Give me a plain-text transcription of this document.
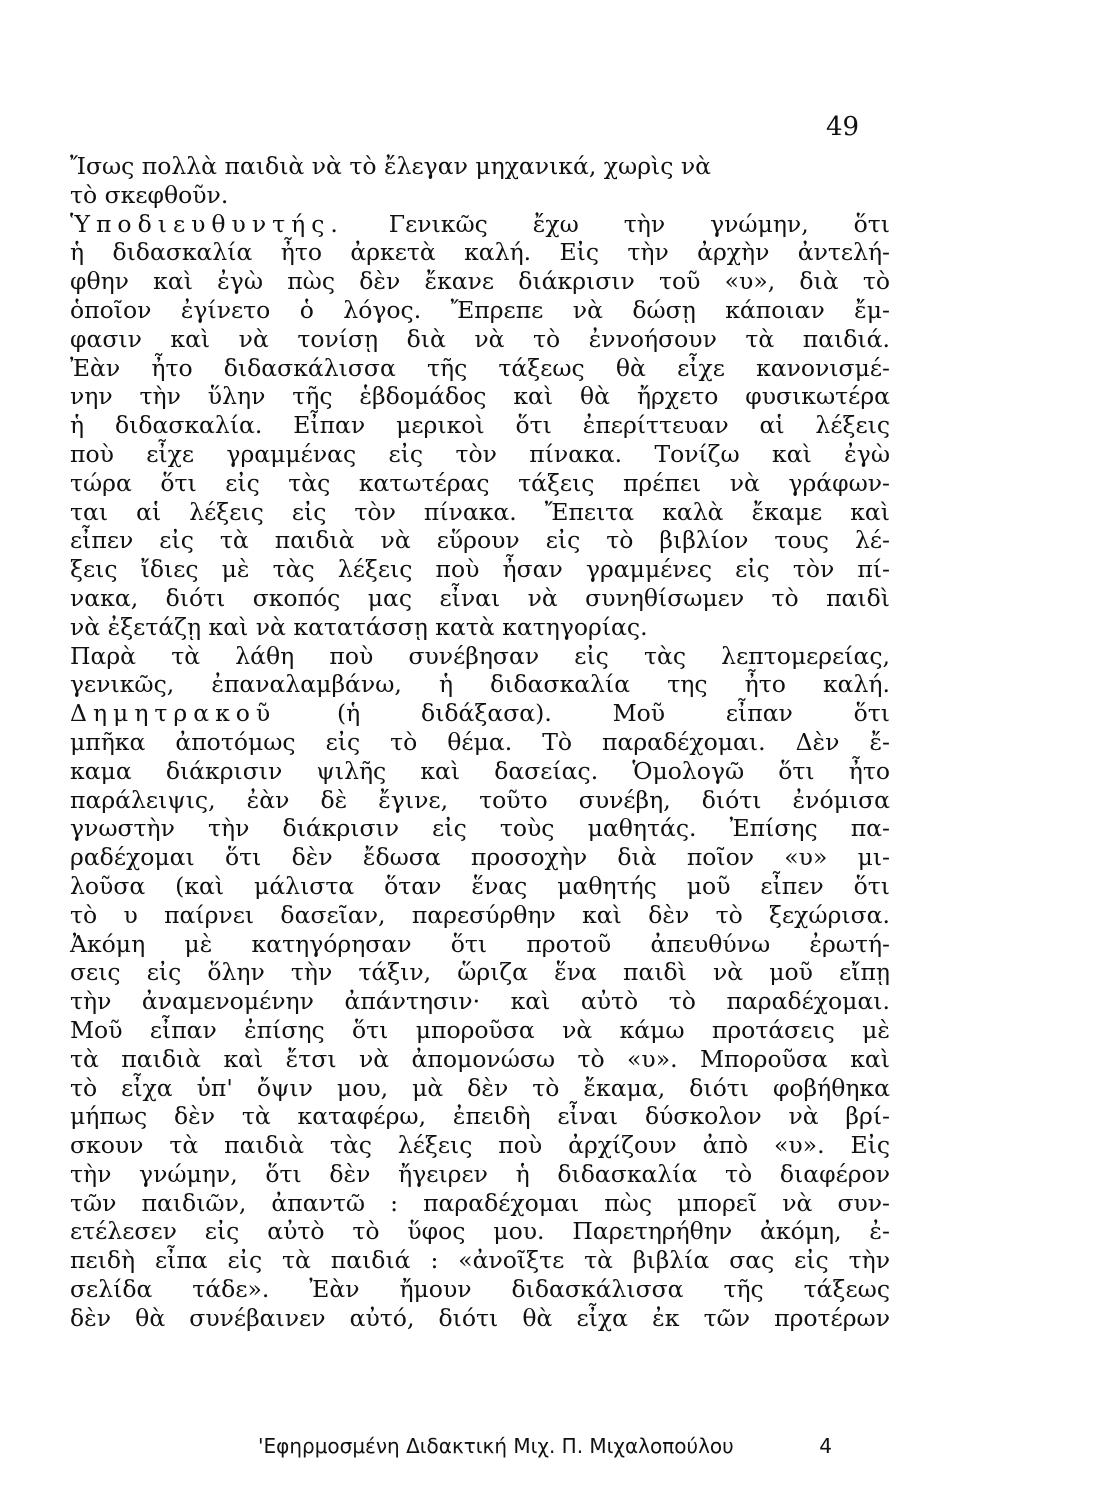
49
Ἴσως πολλὰ παιδιὰ νὰ τὸ ἔλεγαν μηχανικά, χωρὶς νὰ
τὸ σκεφθοῦν.
Ὑποδιευθυντής. Γενικῶς ἔχω τὴν γνώμην, ὅτι
ἡ διδασκαλία ἦτο ἀρκετὰ καλή. Εἰς τὴν ἀρχὴν ἀντελή-
φθην καὶ ἐγὼ πὼς δὲν ἔκανε διάκρισιν τοῦ «υ», διὰ τὸ
ὁποῖον ἐγίνετο ὁ λόγος. Ἔπρεπε νὰ δώσῃ κάποιαν ἔμ-
φασιν καὶ νὰ τονίσῃ διὰ νὰ τὸ ἐννοήσουν τὰ παιδιά.
Ἐὰν ἦτο διδασκάλισσα τῆς τάξεως θὰ εἶχε κανονισμέ-
νην τὴν ὕλην τῆς ἑβδομάδος καὶ θὰ ἤρχετο φυσικωτέρα
ἡ διδασκαλία. Εἶπαν μερικοὶ ὅτι ἐπερίττευαν αἱ λέξεις
ποὺ εἶχε γραμμένας εἰς τὸν πίνακα. Τονίζω καὶ ἐγὼ
τώρα ὅτι εἰς τὰς κατωτέρας τάξεις πρέπει νὰ γράφων-
ται αἱ λέξεις εἰς τὸν πίνακα. Ἔπειτα καλὰ ἔκαμε καὶ
εἶπεν εἰς τὰ παιδιὰ νὰ εὕρουν εἰς τὸ βιβλίον τους λέ-
ξεις ἴδιες μὲ τὰς λέξεις ποὺ ἦσαν γραμμένες εἰς τὸν πί-
νακα, διότι σκοπός μας εἶναι νὰ συνηθίσωμεν τὸ παιδὶ
νὰ ἐξετάζῃ καὶ νὰ κατατάσσῃ κατὰ κατηγορίας.
Παρὰ τὰ λάθη ποὺ συνέβησαν εἰς τὰς λεπτομερείας,
γενικῶς, ἐπαναλαμβάνω, ἡ διδασκαλία της ἦτο καλή.
Δημητρακοῦ (ἡ διδάξασα). Μοῦ εἶπαν ὅτι
μπῆκα ἀποτόμως εἰς τὸ θέμα. Τὸ παραδέχομαι. Δὲν ἔ-
καμα διάκρισιν ψιλῆς καὶ δασείας. Ὁμολογῶ ὅτι ἦτο
παράλειψις, ἐὰν δὲ ἔγινε, τοῦτο συνέβη, διότι ἐνόμισα
γνωστὴν τὴν διάκρισιν εἰς τοὺς μαθητάς. Ἐπίσης πα-
ραδέχομαι ὅτι δὲν ἔδωσα προσοχὴν διὰ ποῖον «υ» μι-
λοῦσα (καὶ μάλιστα ὅταν ἕνας μαθητής μοῦ εἶπεν ὅτι
τὸ υ παίρνει δασεῖαν, παρεσύρθην καὶ δὲν τὸ ξεχώρισα.
Ἀκόμη μὲ κατηγόρησαν ὅτι προτοῦ ἀπευθύνω ἐρωτή-
σεις εἰς ὅλην τὴν τάξιν, ὥριζα ἕνα παιδὶ νὰ μοῦ εἴπῃ
τὴν ἀναμενομένην ἀπάντησιν· καὶ αὐτὸ τὸ παραδέχομαι.
Μοῦ εἶπαν ἐπίσης ὅτι μποροῦσα νὰ κάμω προτάσεις μὲ
τὰ παιδιὰ καὶ ἔτσι νὰ ἀπομονώσω τὸ «υ». Μποροῦσα καὶ
τὸ εἶχα ὑπ' ὄψιν μου, μὰ δὲν τὸ ἔκαμα, διότι φοβήθηκα
μήπως δὲν τὰ καταφέρω, ἐπειδὴ εἶναι δύσκολον νὰ βρί-
σκουν τὰ παιδιὰ τὰς λέξεις ποὺ ἀρχίζουν ἀπὸ «υ». Εἰς
τὴν γνώμην, ὅτι δὲν ἤγειρεν ἡ διδασκαλία τὸ διαφέρον
τῶν παιδιῶν, ἀπαντῶ : παραδέχομαι πὼς μπορεῖ νὰ συν-
ετέλεσεν εἰς αὐτὸ τὸ ὕφος μου. Παρετηρήθην ἀκόμη, ἐ-
πειδὴ εἶπα εἰς τὰ παιδιά : «ἀνοῖξτε τὰ βιβλία σας εἰς τὴν
σελίδα τάδε». Ἐὰν ἤμουν διδασκάλισσα τῆς τάξεως
δὲν θὰ συνέβαινεν αὐτό, διότι θὰ εἶχα ἐκ τῶν προτέρων
'Εφηρμοσμένη Διδακτική Μιχ. Π. Μιχαλοπούλου	4
